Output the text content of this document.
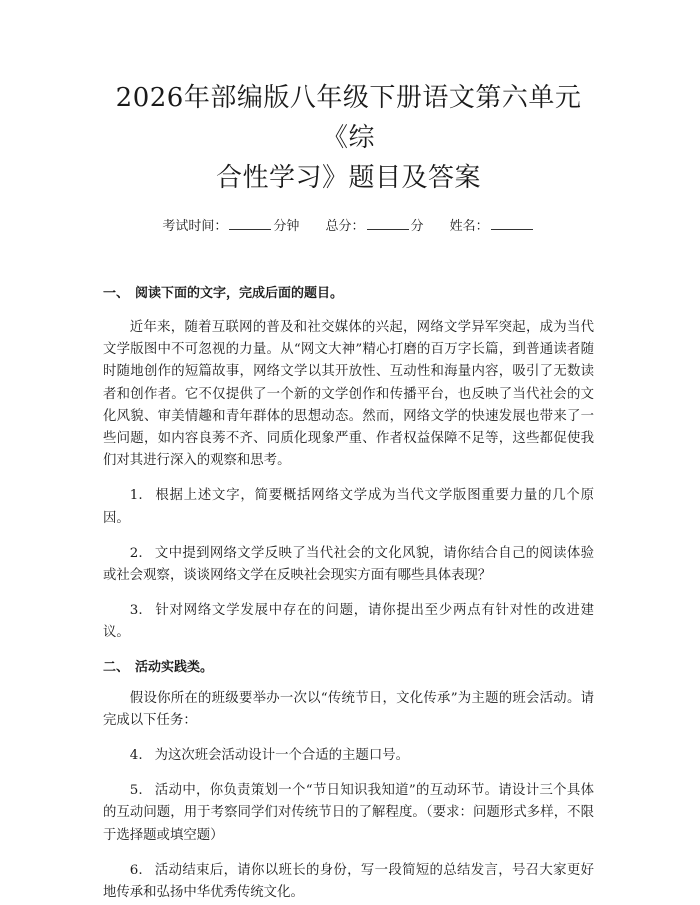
2026年部编版八年级下册语文第六单元《综
合性学习》题目及答案
考试时间：	分钟 总分：	分 姓名：
一、 阅读下面的文字，完成后面的题目。

近年来，随着互联网的普及和社交媒体的兴起，网络文学异军突起，成为当代文学版图中不可忽视的力量。从“网文大神”精心打磨的百万字长篇，到普通读者随时随地创作的短篇故事，网络文学以其开放性、互动性和海量内容，吸引了无数读者和创作者。它不仅提供了一个新的文学创作和传播平台，也反映了当代社会的文化风貌、审美情趣和青年群体的思想动态。然而，网络文学的快速发展也带来了一些问题，如内容良莠不齐、同质化现象严重、作者权益保障不足等，这些都促使我们对其进行深入的观察和思考。

1. 根据上述文字，简要概括网络文学成为当代文学版图重要力量的几个原因。

2. 文中提到网络文学反映了当代社会的文化风貌，请你结合自己的阅读体验或社会观察，谈谈网络文学在反映社会现实方面有哪些具体表现？

3. 针对网络文学发展中存在的问题，请你提出至少两点有针对性的改进建议。

二、 活动实践类。

假设你所在的班级要举办一次以“传统节日，文化传承”为主题的班会活动。请完成以下任务：

4. 为这次班会活动设计一个合适的主题口号。

5. 活动中，你负责策划一个“节日知识我知道”的互动环节。请设计三个具体的互动问题，用于考察同学们对传统节日的了解程度。（要求：问题形式多样，不限于选择题或填空题）

6. 活动结束后，请你以班长的身份，写一段简短的总结发言，号召大家更好地传承和弘扬中华优秀传统文化。
